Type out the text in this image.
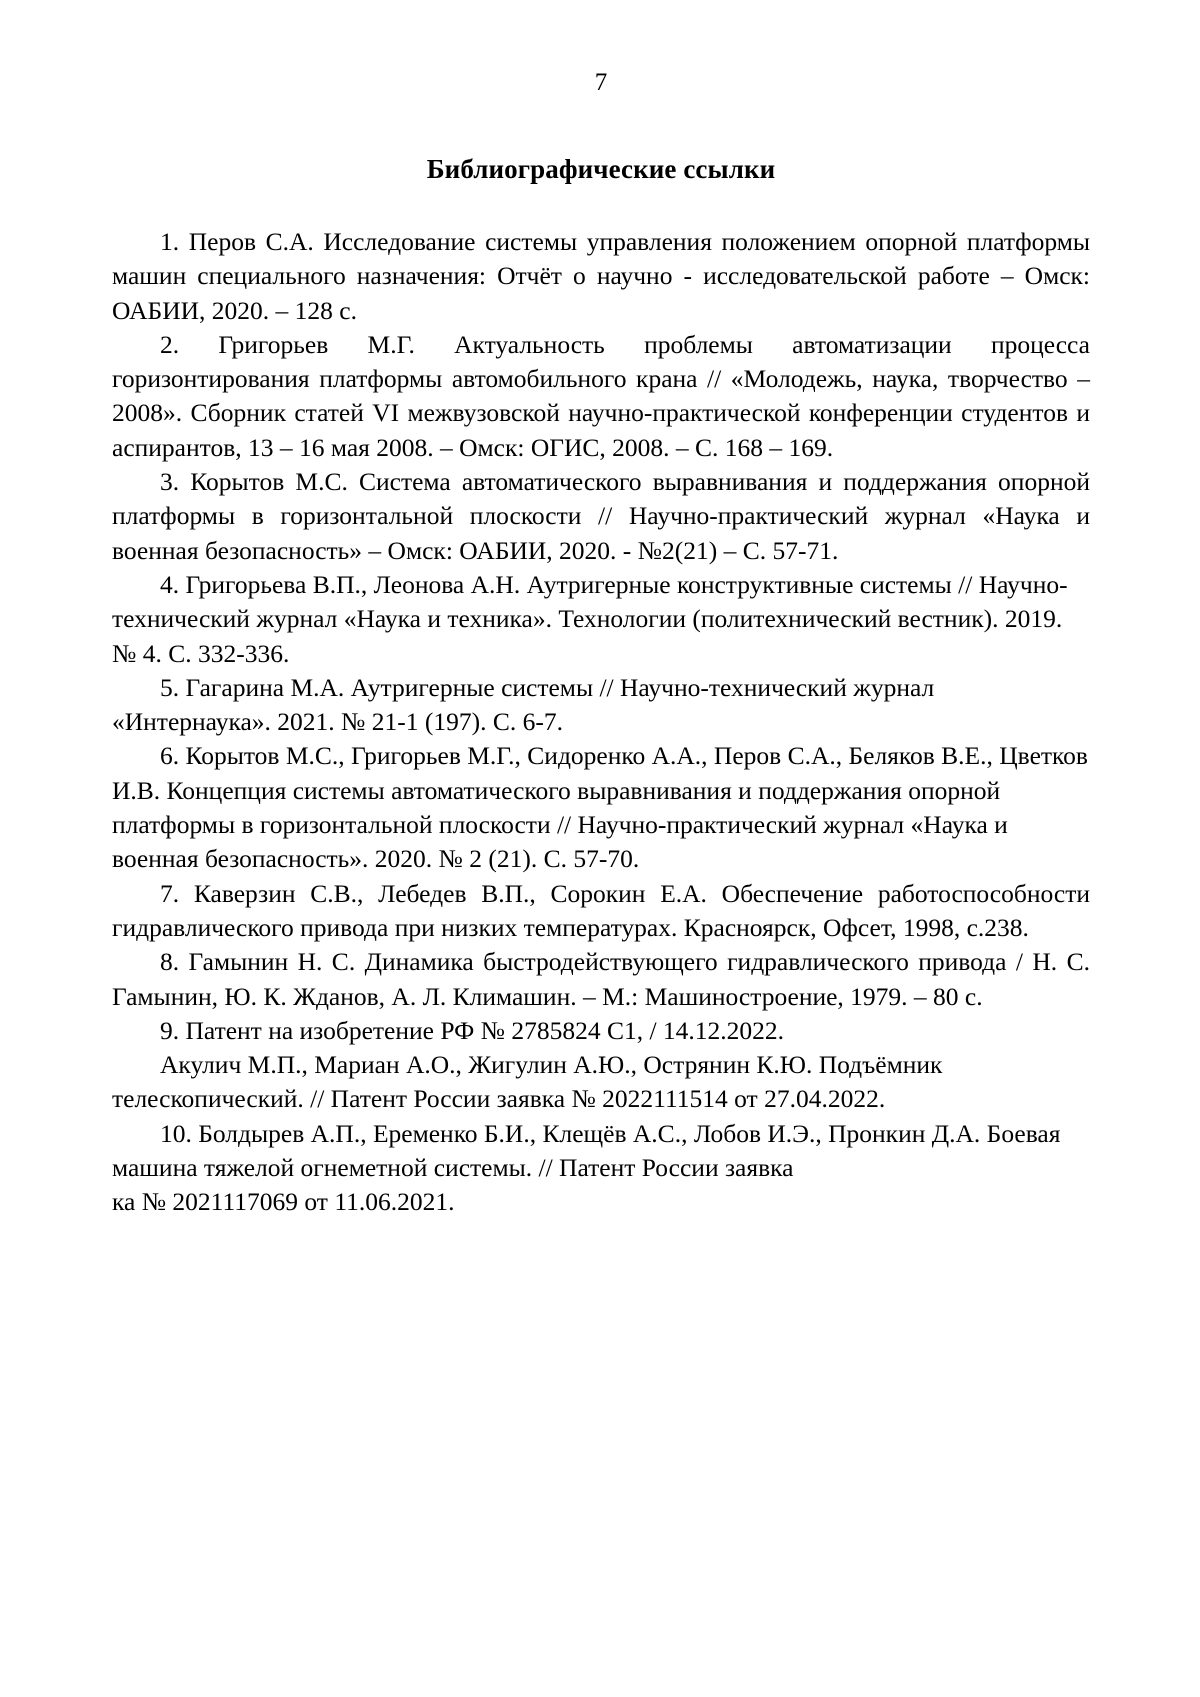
7
Библиографические ссылки

1. Перов С.А. Исследование системы управления положением опорной платформы машин специального назначения: Отчёт о научно - исследовательской работе – Омск: ОАБИИ, 2020. – 128 с.

2. Григорьев М.Г. Актуальность проблемы автоматизации процесса горизонтирования платформы автомобильного крана // «Молодежь, наука, творчество – 2008». Сборник статей VI межвузовской научно-практической конференции студентов и аспирантов, 13 – 16 мая 2008. – Омск: ОГИС, 2008. – С. 168 – 169.

3. Корытов М.С. Система автоматического выравнивания и поддержания опорной платформы в горизонтальной плоскости // Научно-практический журнал «Наука и военная безопасность» – Омск: ОАБИИ, 2020. - №2(21) – С. 57-71.

4. Григорьева В.П., Леонова А.Н. Аутригерные конструктивные системы // Научно-технический журнал «Наука и техника». Технологии (политехнический вестник). 2019. № 4. С. 332-336.

5. Гагарина М.А. Аутригерные системы // Научно-технический журнал «Интернаука». 2021. № 21-1 (197). С. 6-7.

6. Корытов М.С., Григорьев М.Г., Сидоренко А.А., Перов С.А., Беляков В.Е., Цветков И.В. Концепция системы автоматического выравнивания и поддержания опорной платформы в горизонтальной плоскости // Научно-практический журнал «Наука и военная безопасность». 2020. № 2 (21). С. 57-70.

7. Каверзин С.В., Лебедев В.П., Сорокин Е.А. Обеспечение работоспособности гидравлического привода при низких температурах. Красноярск, Офсет, 1998, с.238.

8. Гамынин Н. С. Динамика быстродействующего гидравлического привода / Н. С. Гамынин, Ю. К. Жданов, А. Л. Климашин. – М.: Машиностроение, 1979. – 80 с.

9. Патент на изобретение РФ № 2785824 С1, / 14.12.2022.

Акулич М.П., Мариан А.О., Жигулин А.Ю., Острянин К.Ю. Подъёмник телескопический. // Патент России заявка № 2022111514 от 27.04.2022.

10. Болдырев А.П., Еременко Б.И., Клещёв А.С., Лобов И.Э., Пронкин Д.А. Боевая машина тяжелой огнеметной системы. // Патент России заявка

ка № 2021117069 от 11.06.2021.
